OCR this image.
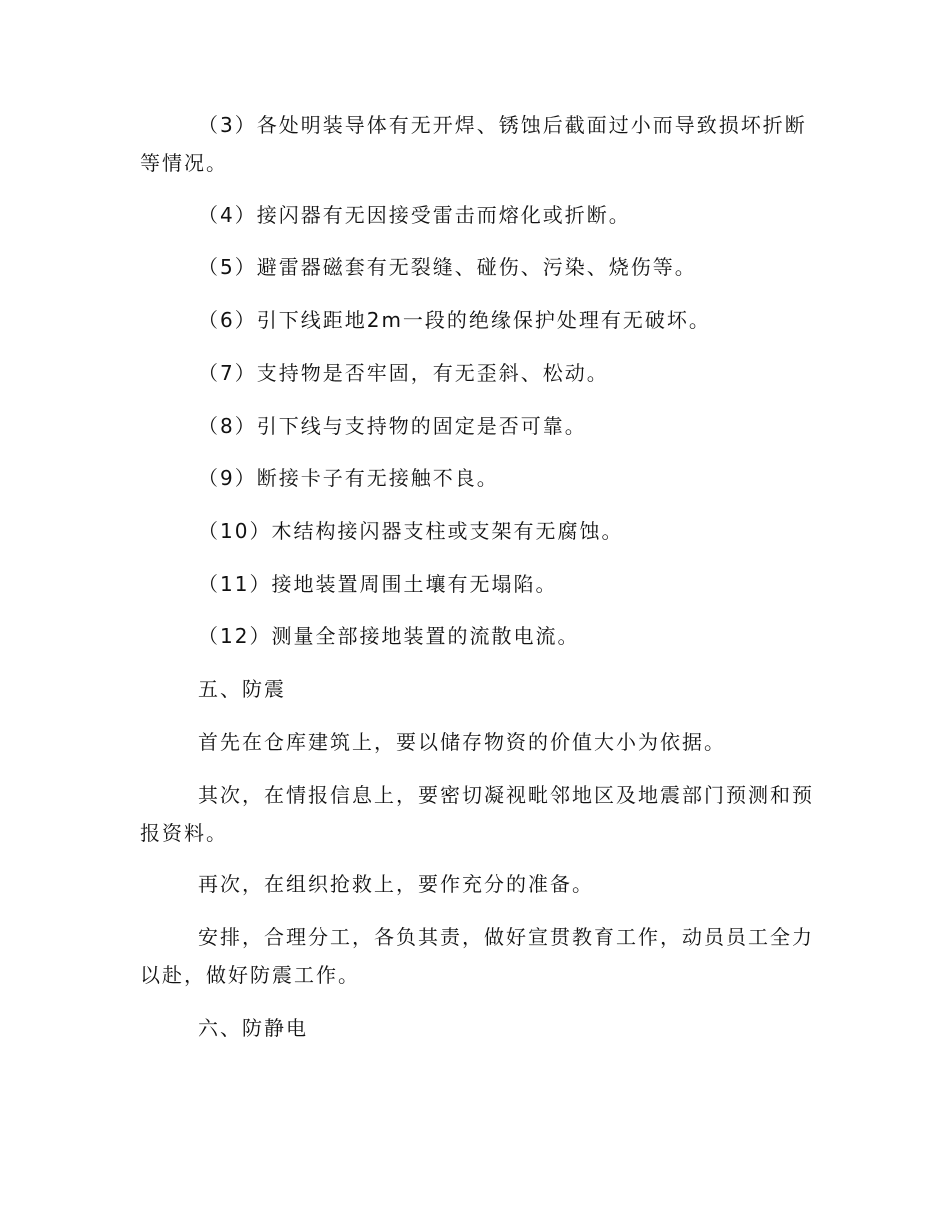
（3）各处明装导体有无开焊、锈蚀后截面过小而导致损坏折断等情况。

（4）接闪器有无因接受雷击而熔化或折断。

（5）避雷器磁套有无裂缝、碰伤、污染、烧伤等。

（6）引下线距地2m一段的绝缘保护处理有无破坏。

（7）支持物是否牢固，有无歪斜、松动。

（8）引下线与支持物的固定是否可靠。

（9）断接卡子有无接触不良。

（10）木结构接闪器支柱或支架有无腐蚀。

（11）接地装置周围土壤有无塌陷。

（12）测量全部接地装置的流散电流。

五、防震

首先在仓库建筑上，要以储存物资的价值大小为依据。

其次，在情报信息上，要密切凝视毗邻地区及地震部门预测和预报资料。

再次，在组织抢救上，要作充分的准备。

安排，合理分工，各负其责，做好宣贯教育工作，动员员工全力以赴，做好防震工作。

六、防静电
